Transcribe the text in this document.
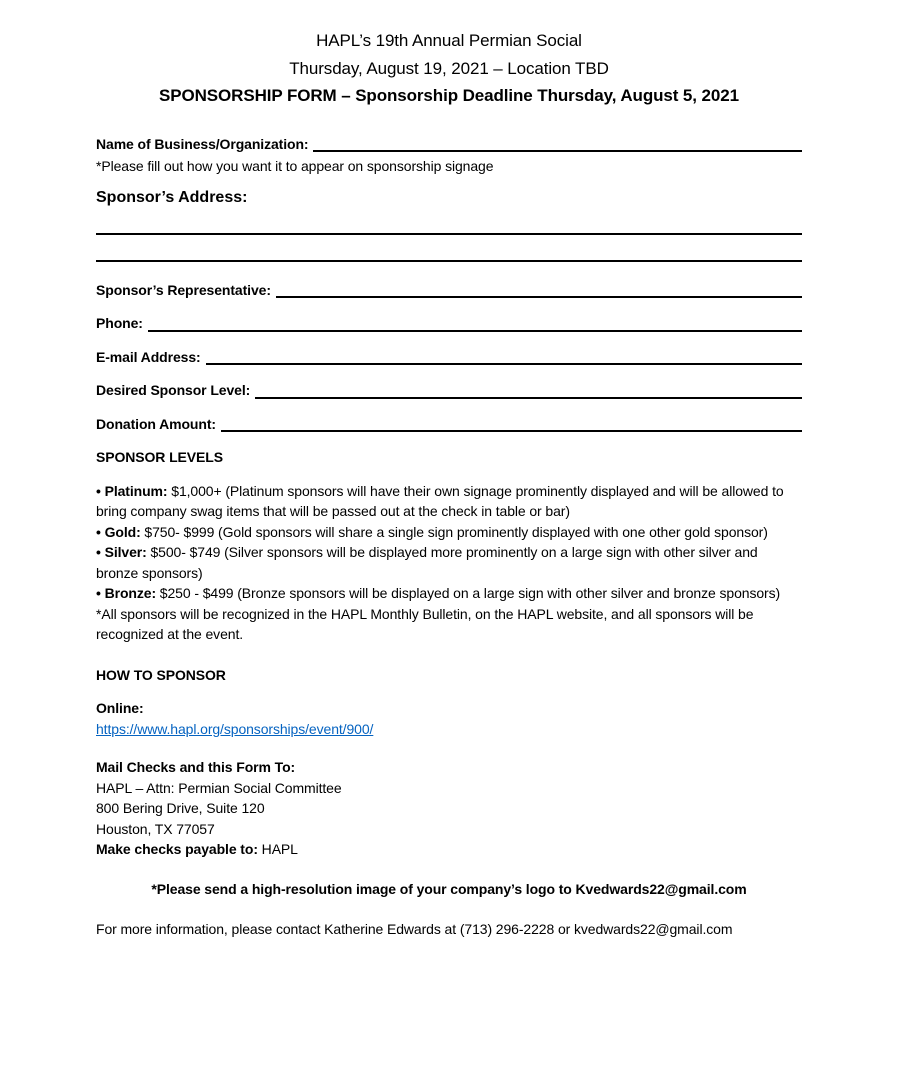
HAPL’s 19th Annual Permian Social
Thursday, August 19, 2021 – Location TBD
SPONSORSHIP FORM – Sponsorship Deadline Thursday, August 5, 2021
Name of Business/Organization:
*Please fill out how you want it to appear on sponsorship signage
Sponsor’s Address:
Sponsor’s Representative:
Phone:
E-mail Address:
Desired Sponsor Level:
Donation Amount:
SPONSOR LEVELS
• Platinum: $1,000+ (Platinum sponsors will have their own signage prominently displayed and will be allowed to bring company swag items that will be passed out at the check in table or bar)
• Gold: $750- $999 (Gold sponsors will share a single sign prominently displayed with one other gold sponsor)
• Silver: $500- $749 (Silver sponsors will be displayed more prominently on a large sign with other silver and bronze sponsors)
• Bronze: $250 - $499 (Bronze sponsors will be displayed on a large sign with other silver and bronze sponsors)
*All sponsors will be recognized in the HAPL Monthly Bulletin, on the HAPL website, and all sponsors will be recognized at the event.
HOW TO SPONSOR
Online:
https://www.hapl.org/sponsorships/event/900/
Mail Checks and this Form To:
HAPL – Attn: Permian Social Committee
800 Bering Drive, Suite 120
Houston, TX 77057
Make checks payable to: HAPL
*Please send a high-resolution image of your company’s logo to Kvedwards22@gmail.com
For more information, please contact Katherine Edwards at (713) 296-2228 or kvedwards22@gmail.com
